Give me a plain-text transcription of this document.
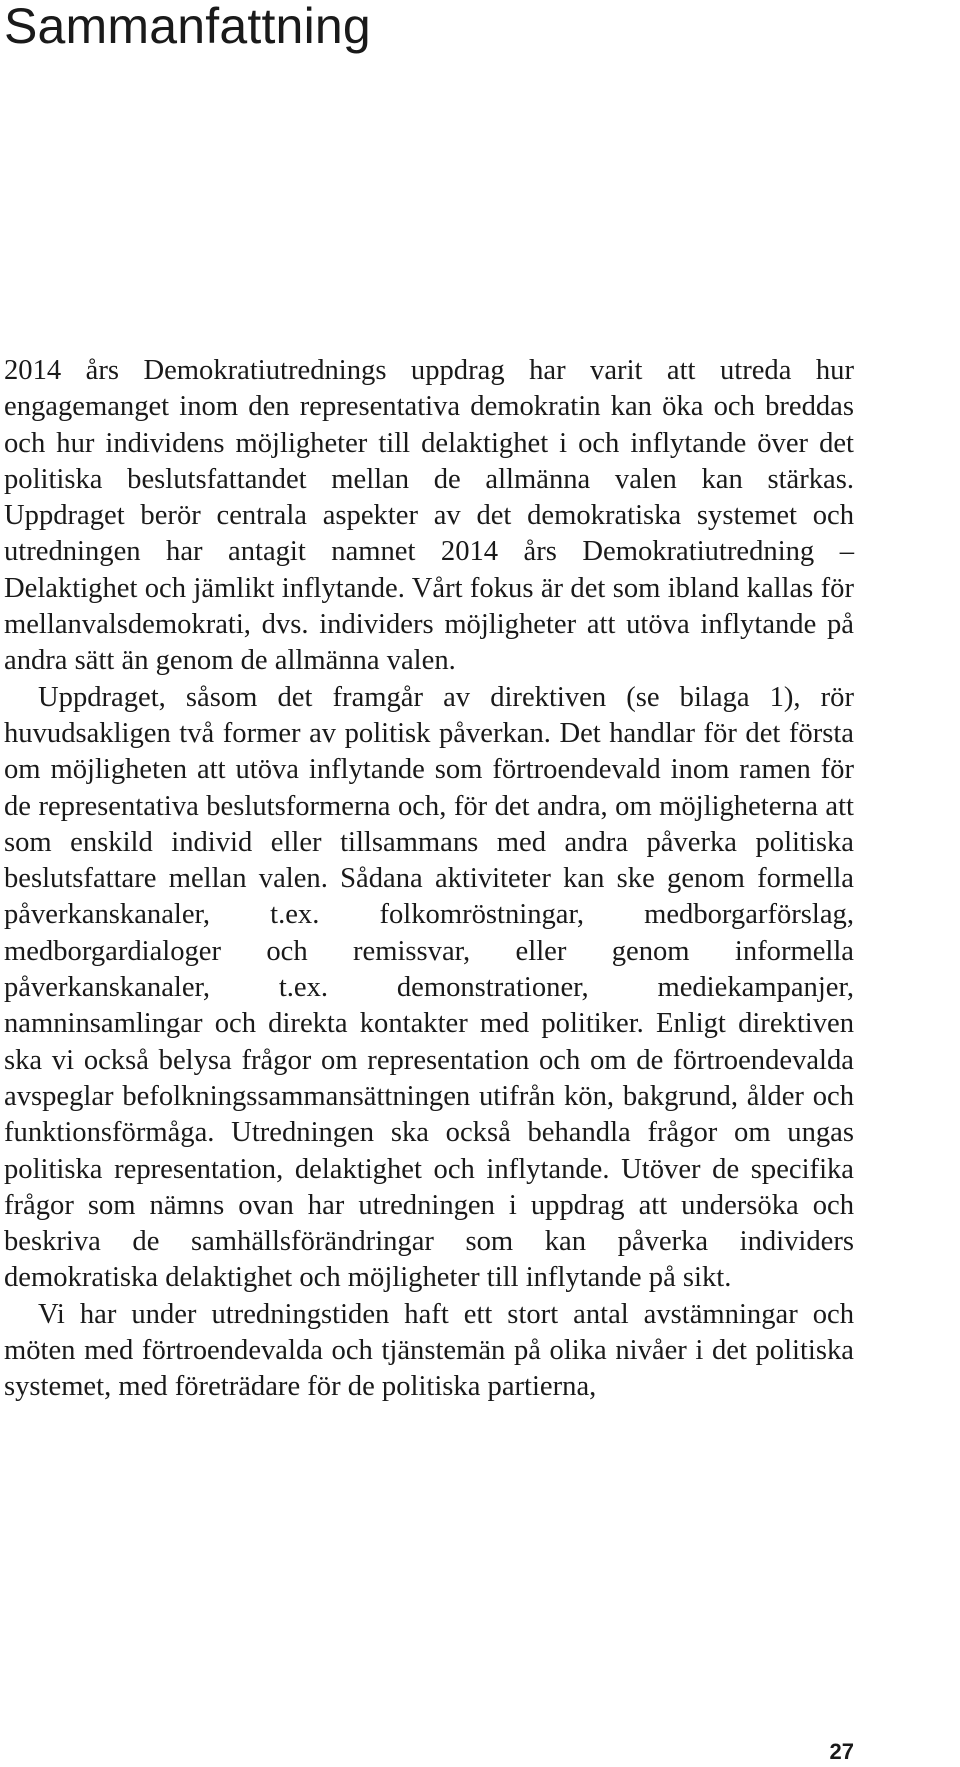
Sammanfattning

2014 års Demokratiutrednings uppdrag har varit att utreda hur engagemanget inom den representativa demokratin kan öka och breddas och hur individens möjligheter till delaktighet i och inflytande över det politiska beslutsfattandet mellan de allmänna valen kan stärkas. Uppdraget berör centrala aspekter av det demokratiska systemet och utredningen har antagit namnet 2014 års Demokratiutredning – Delaktighet och jämlikt inflytande. Vårt fokus är det som ibland kallas för mellanvalsdemokrati, dvs. individers möjligheter att utöva inflytande på andra sätt än genom de allmänna valen.

Uppdraget, såsom det framgår av direktiven (se bilaga 1), rör huvudsakligen två former av politisk påverkan. Det handlar för det första om möjligheten att utöva inflytande som förtroendevald inom ramen för de representativa beslutsformerna och, för det andra, om möjligheterna att som enskild individ eller tillsammans med andra påverka politiska beslutsfattare mellan valen. Sådana aktiviteter kan ske genom formella påverkanskanaler, t.ex. folkomröstningar, medborgarförslag, medborgardialoger och remissvar, eller genom informella påverkanskanaler, t.ex. demonstrationer, mediekampanjer, namninsamlingar och direkta kontakter med politiker. Enligt direktiven ska vi också belysa frågor om representation och om de förtroendevalda avspeglar befolkningssammansättningen utifrån kön, bakgrund, ålder och funktionsförmåga. Utredningen ska också behandla frågor om ungas politiska representation, delaktighet och inflytande. Utöver de specifika frågor som nämns ovan har utredningen i uppdrag att undersöka och beskriva de samhällsförändringar som kan påverka individers demokratiska delaktighet och möjligheter till inflytande på sikt.

Vi har under utredningstiden haft ett stort antal avstämningar och möten med förtroendevalda och tjänstemän på olika nivåer i det politiska systemet, med företrädare för de politiska partierna,

27
